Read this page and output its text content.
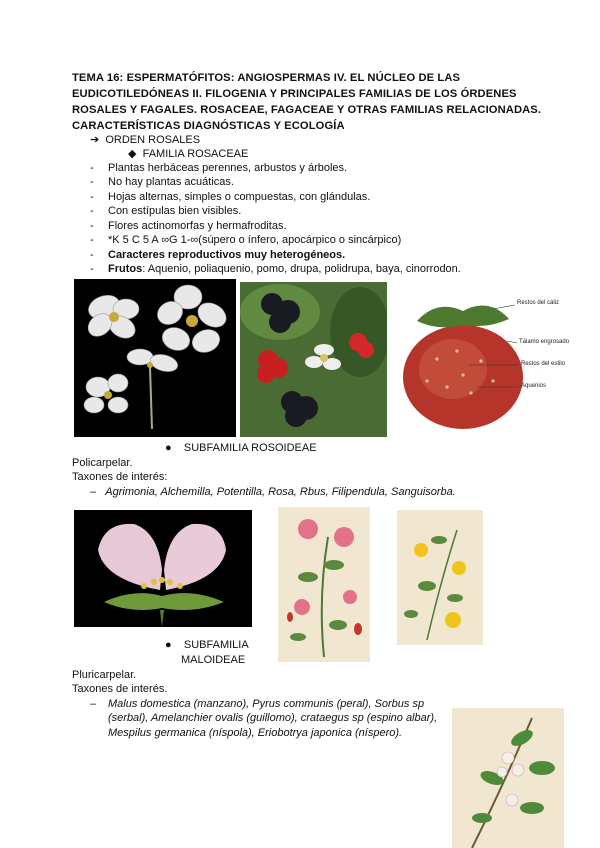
TEMA 16: ESPERMATÓFITOS: ANGIOSPERMAS IV. EL NÚCLEO DE LAS EUDICOTILEDÓNEAS II. FILOGENIA Y PRINCIPALES FAMILIAS DE LOS ÓRDENES ROSALES Y FAGALES. ROSACEAE, FAGACEAE Y OTRAS FAMILIAS RELACIONADAS. CARACTERÍSTICAS DIAGNÓSTICAS Y ECOLOGÍA
➔ ORDEN ROSALES
◆ FAMILIA ROSACEAE
- Plantas herbáceas perennes, arbustos y árboles.
- No hay plantas acuáticas.
- Hojas alternas, simples o compuestas, con glándulas.
- Con estípulas bien visibles.
- Flores actinomorfas y hermafroditas.
- *K 5 C 5 A ∞G 1-∞(súpero o ínfero, apocárpico o sincárpico)
- Caracteres reproductivos muy heterogéneos.
- Frutos: Aquenio, poliaquenio, pomo, drupa, polidrupa, baya, cinorrodon.
Restos del cáliz
Tálamo engrosado
Restos del estilo
Aquenios
● SUBFAMILIA ROSOIDEAE
Policarpelar.
Taxones de interés:
– Agrimonia, Alchemilla, Potentilla, Rosa, Rbus, Filipendula, Sanguisorba.
● SUBFAMILIA
MALOIDEAE
Pluricarpelar.
Taxones de interés.
– Malus domestica (manzano), Pyrus communis (peral), Sorbus sp
(serbal), Amelanchier ovalis (guillomo), crataegus sp (espino albar),
Mespilus germanica (níspola), Eriobotrya japonica (níspero).
